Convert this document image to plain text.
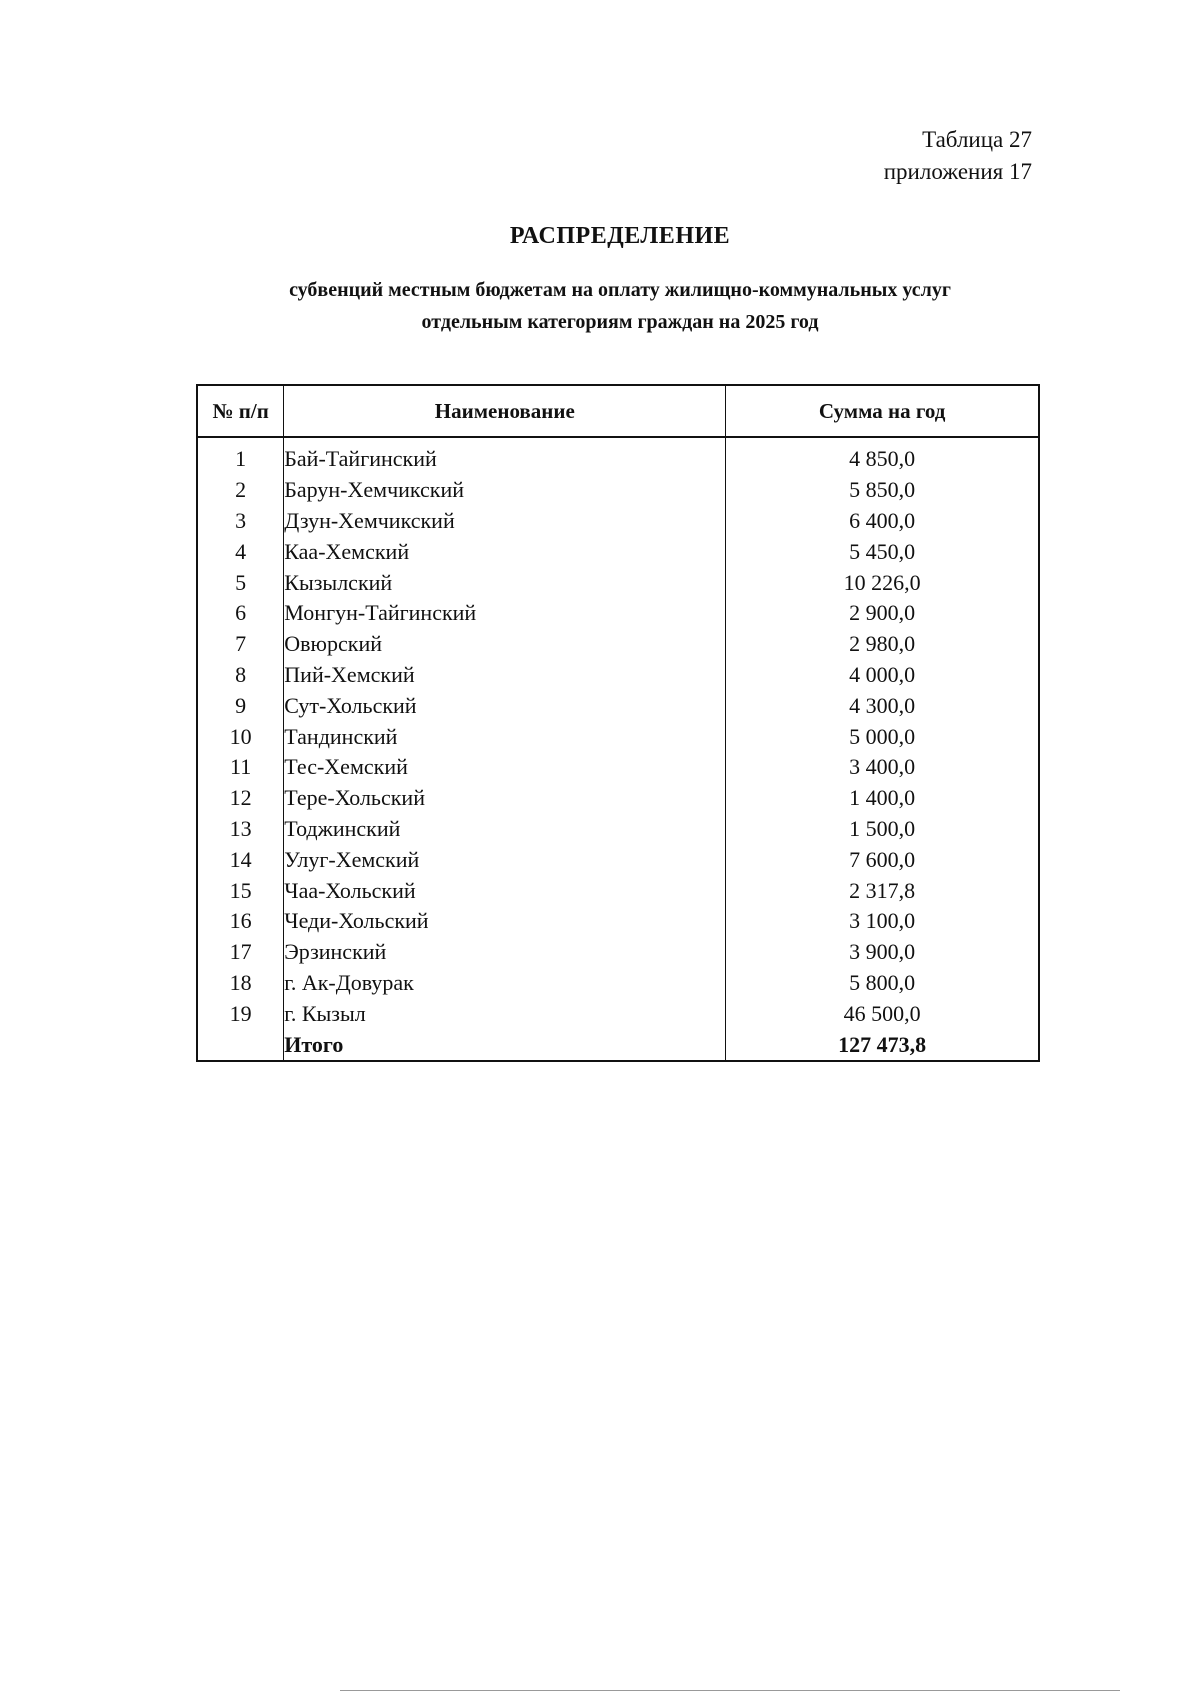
Таблица 27
приложения 17
РАСПРЕДЕЛЕНИЕ
субвенций местным бюджетам на оплату жилищно-коммунальных услуг
отдельным категориям граждан на 2025 год
№ п/п	Наименование	Сумма на год
1	Бай-Тайгинский	4 850,0
2	Барун-Хемчикский	5 850,0
3	Дзун-Хемчикский	6 400,0
4	Каа-Хемский	5 450,0
5	Кызылский	10 226,0
6	Монгун-Тайгинский	2 900,0
7	Овюрский	2 980,0
8	Пий-Хемский	4 000,0
9	Сут-Хольский	4 300,0
10	Тандинский	5 000,0
11	Тес-Хемский	3 400,0
12	Тере-Хольский	1 400,0
13	Тоджинский	1 500,0
14	Улуг-Хемский	7 600,0
15	Чаа-Хольский	2 317,8
16	Чеди-Хольский	3 100,0
17	Эрзинский	3 900,0
18	г. Ак-Довурак	5 800,0
19	г. Кызыл	46 500,0
	Итого	127 473,8
